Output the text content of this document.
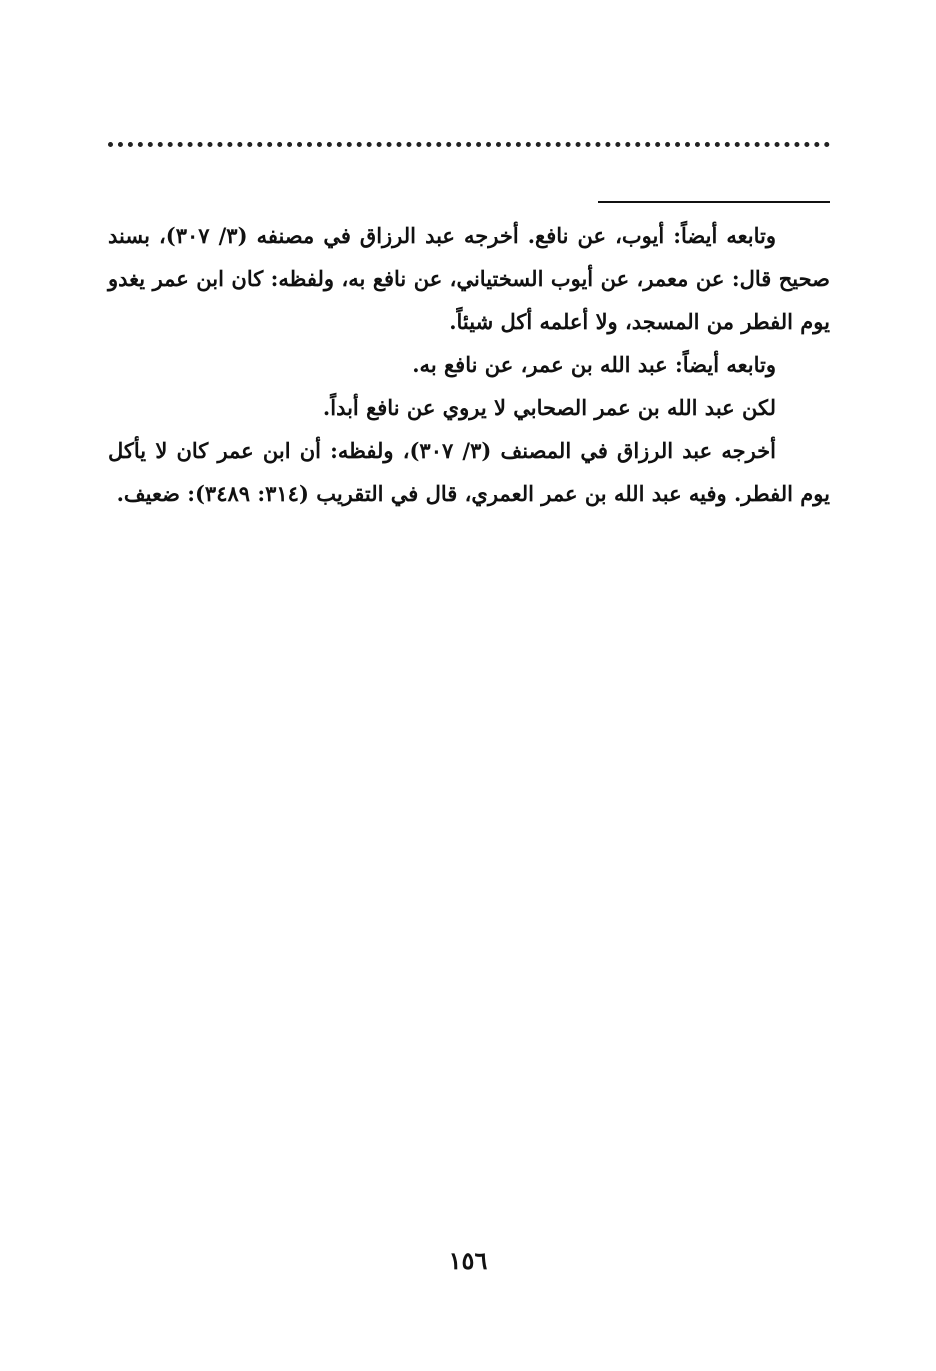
وتابعه أيضاً: أيوب، عن نافع. أخرجه عبد الرزاق في مصنفه (٣/ ٣٠٧)، بسند صحيح قال: عن معمر، عن أيوب السختياني، عن نافع به، ولفظه: كان ابن عمر يغدو يوم الفطر من المسجد، ولا أعلمه أكل شيئاً.

وتابعه أيضاً: عبد الله بن عمر، عن نافع به.

لكن عبد الله بن عمر الصحابي لا يروي عن نافع أبداً.

أخرجه عبد الرزاق في المصنف (٣/ ٣٠٧)، ولفظه: أن ابن عمر كان لا يأكل يوم الفطر. وفيه عبد الله بن عمر العمري، قال في التقريب (٣١٤: ٣٤٨٩): ضعيف.

١٥٦
